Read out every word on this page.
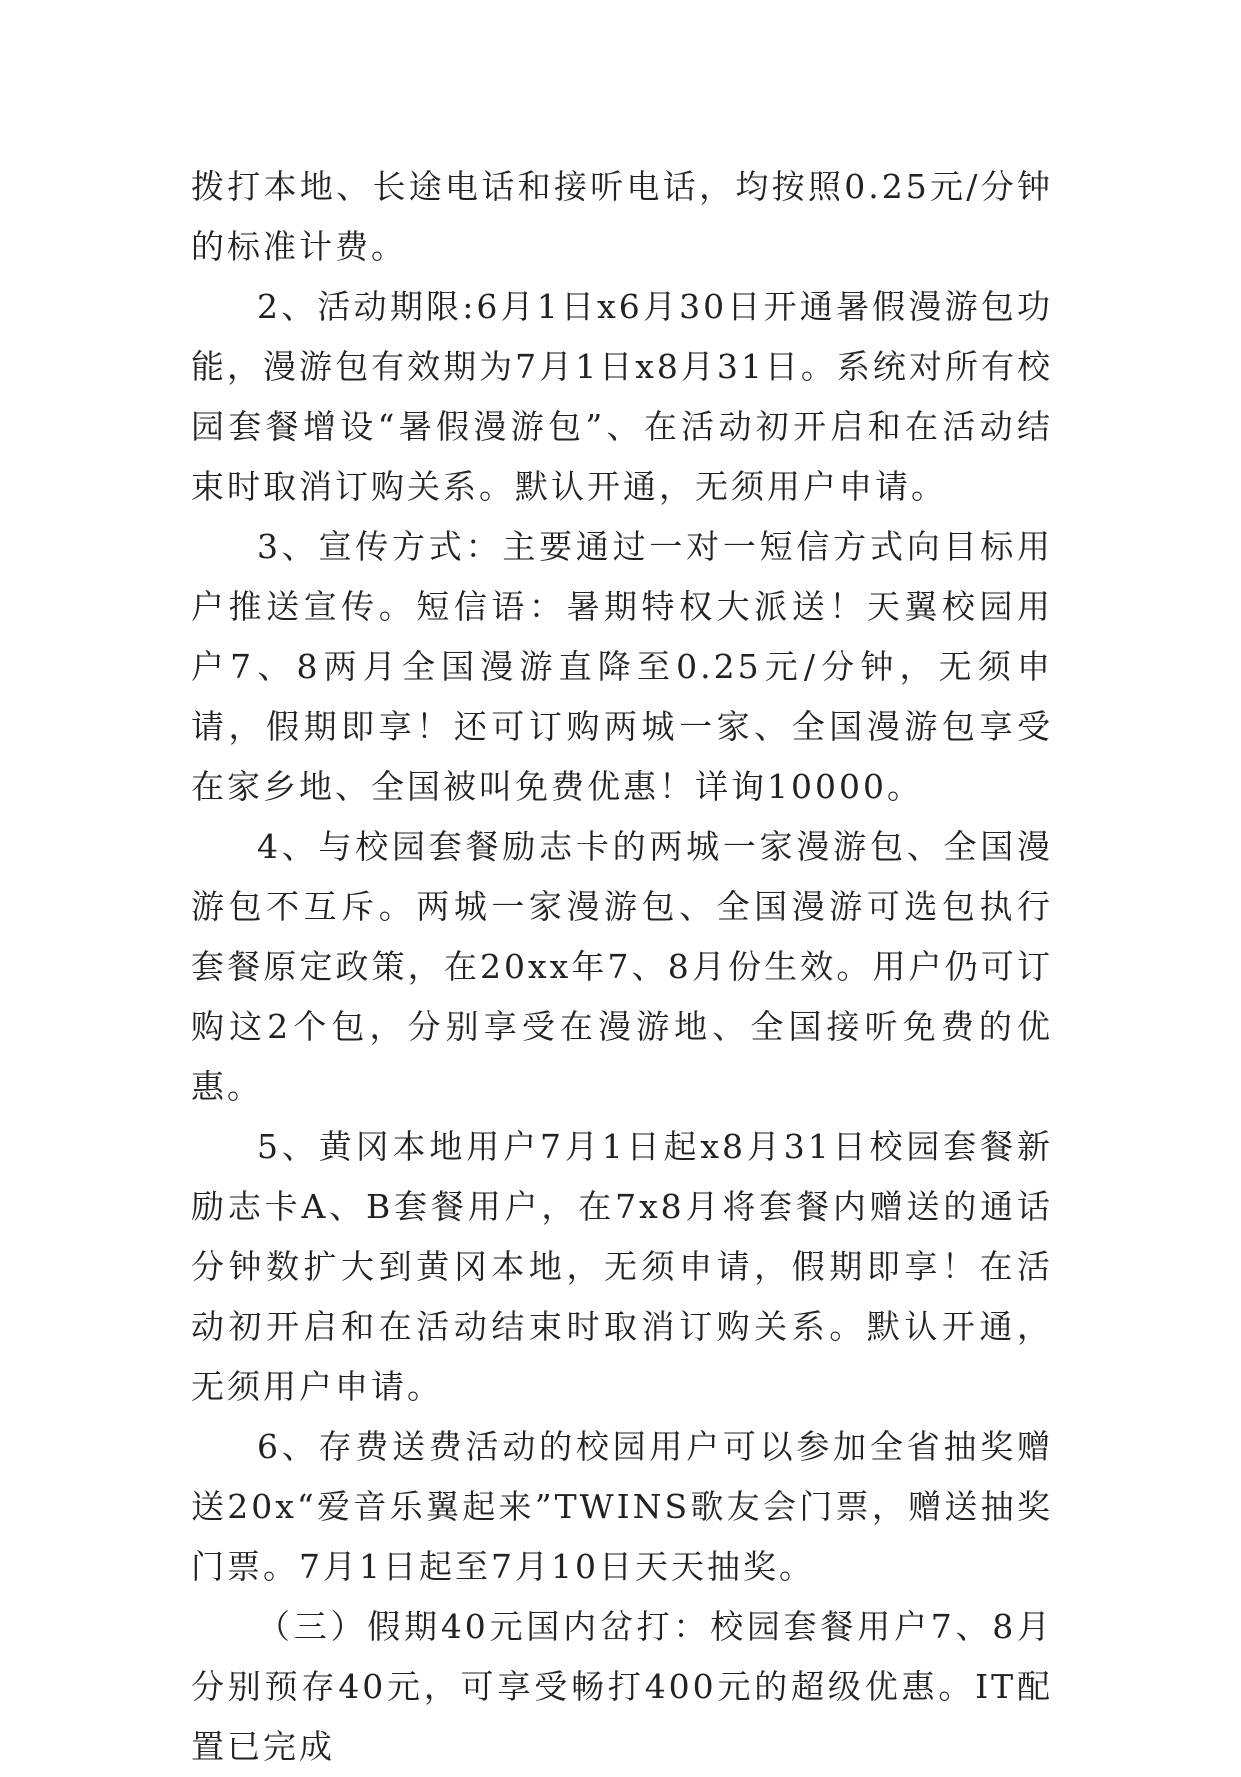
拨打本地、长途电话和接听电话，均按照0.25元/分钟的标准计费。

2、活动期限:6月1日x6月30日开通暑假漫游包功能，漫游包有效期为7月1日x8月31日。系统对所有校园套餐增设“暑假漫游包”、在活动初开启和在活动结束时取消订购关系。默认开通，无须用户申请。

3、宣传方式：主要通过一对一短信方式向目标用户推送宣传。短信语：暑期特权大派送！天翼校园用户7、8两月全国漫游直降至0.25元/分钟，无须申请，假期即享！还可订购两城一家、全国漫游包享受在家乡地、全国被叫免费优惠！详询10000。

4、与校园套餐励志卡的两城一家漫游包、全国漫游包不互斥。两城一家漫游包、全国漫游可选包执行套餐原定政策，在20xx年7、8月份生效。用户仍可订购这2个包，分别享受在漫游地、全国接听免费的优惠。

5、黄冈本地用户7月1日起x8月31日校园套餐新励志卡A、B套餐用户，在7x8月将套餐内赠送的通话分钟数扩大到黄冈本地，无须申请，假期即享！在活动初开启和在活动结束时取消订购关系。默认开通，无须用户申请。

6、存费送费活动的校园用户可以参加全省抽奖赠送20x“爱音乐翼起来”TWINS歌友会门票，赠送抽奖门票。7月1日起至7月10日天天抽奖。

（三）假期40元国内岔打：校园套餐用户7、8月分别预存40元，可享受畅打400元的超级优惠。IT配置已完成
